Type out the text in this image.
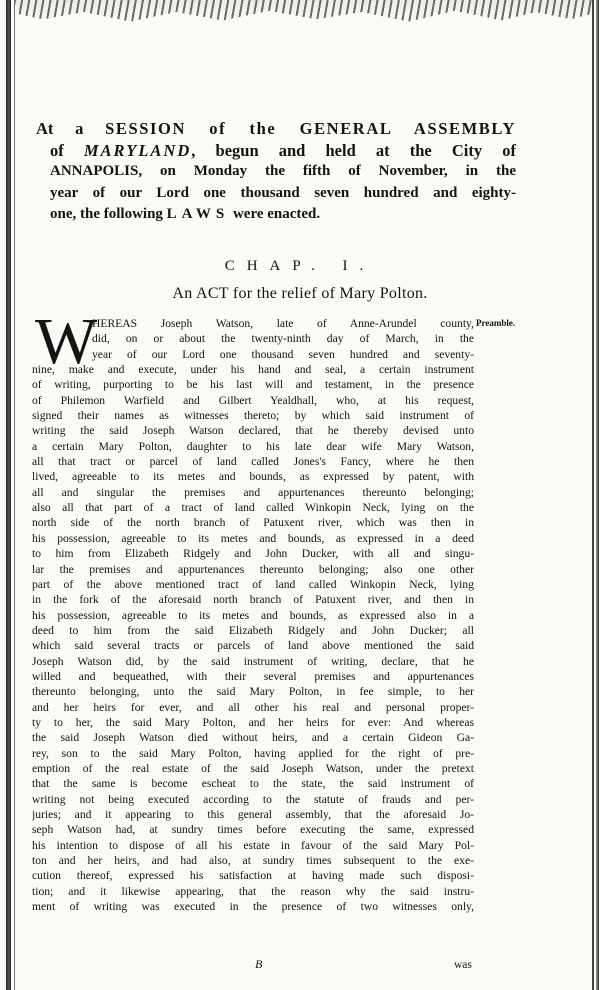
At a SESSION of the GENERAL ASSEMBLY
of MARYLAND, begun and held at the City of
ANNAPOLIS, on Monday the fifth of November, in the
year of our Lord one thousand seven hundred and eighty-
one, the following LAWS were enacted.
CHAP. I.
An ACT for the relief of Mary Polton.
Preamble.
W
HEREAS Joseph Watson, late of Anne-Arundel county,
did, on or about the twenty-ninth day of March, in the
year of our Lord one thousand seven hundred and seventy-
nine, make and execute, under his hand and seal, a certain instrument
of writing, purporting to be his last will and testament, in the presence
of Philemon Warfield and Gilbert Yealdhall, who, at his request,
signed their names as witnesses thereto; by which said instrument of
writing the said Joseph Watson declared, that he thereby devised unto
a certain Mary Polton, daughter to his late dear wife Mary Watson,
all that tract or parcel of land called Jones's Fancy, where he then
lived, agreeable to its metes and bounds, as expressed by patent, with
all and singular the premises and appurtenances thereunto belonging;
also all that part of a tract of land called Winkopin Neck, lying on the
north side of the north branch of Patuxent river, which was then in
his possession, agreeable to its metes and bounds, as expressed in a deed
to him from Elizabeth Ridgely and John Ducker, with all and singu-
lar the premises and appurtenances thereunto belonging; also one other
part of the above mentioned tract of land called Winkopin Neck, lying
in the fork of the aforesaid north branch of Patuxent river, and then in
his possession, agreeable to its metes and bounds, as expressed also in a
deed to him from the said Elizabeth Ridgely and John Ducker; all
which said several tracts or parcels of land above mentioned the said
Joseph Watson did, by the said instrument of writing, declare, that he
willed and bequeathed, with their several premises and appurtenances
thereunto belonging, unto the said Mary Polton, in fee simple, to her
and her heirs for ever, and all other his real and personal proper-
ty to her, the said Mary Polton, and her heirs for ever: And whereas
the said Joseph Watson died without heirs, and a certain Gideon Ga-
rey, son to the said Mary Polton, having applied for the right of pre-
emption of the real estate of the said Joseph Watson, under the pretext
that the same is become escheat to the state, the said instrument of
writing not being executed according to the statute of frauds and per-
juries; and it appearing to this general assembly, that the aforesaid Jo-
seph Watson had, at sundry times before executing the same, expressed
his intention to dispose of all his estate in favour of the said Mary Pol-
ton and her heirs, and had also, at sundry times subsequent to the exe-
cution thereof, expressed his satisfaction at having made such disposi-
tion; and it likewise appearing, that the reason why the said instru-
ment of writing was executed in the presence of two witnesses only,
B	was
